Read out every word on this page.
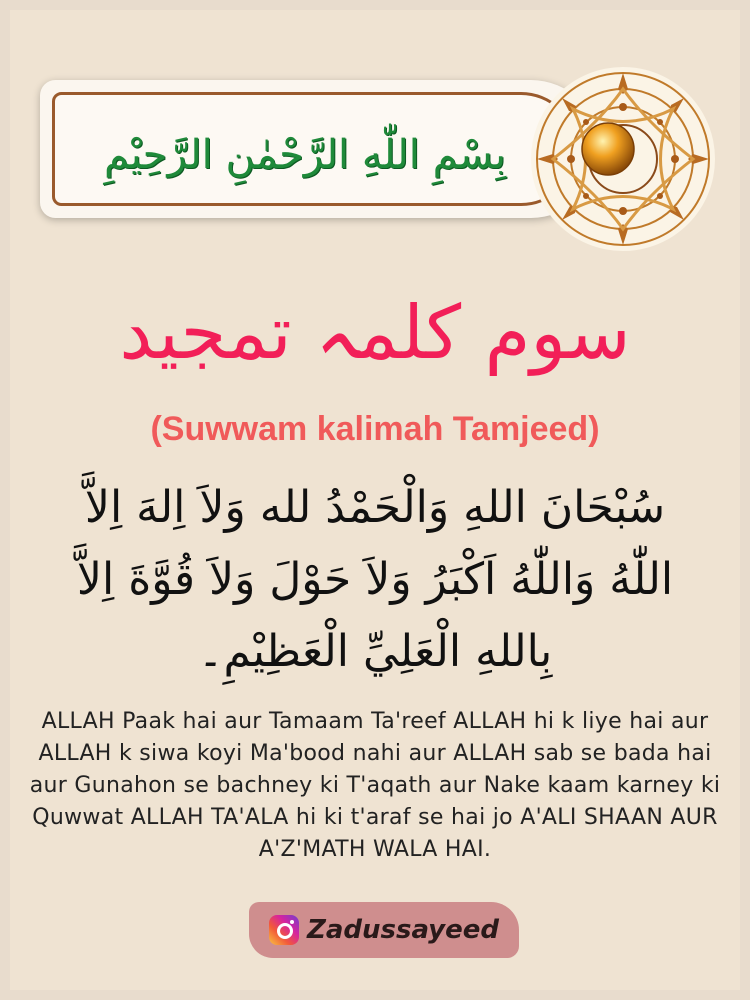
بِسْمِ اللّٰهِ الرَّحْمٰنِ الرَّحِيْمِ
سوم کلمہ تمجید
(Suwwam kalimah Tamjeed)
سُبْحَانَ اللهِ وَالْحَمْدُ لله وَلاَ اِلهَ اِلاَّ اللّٰهُ وَاللّٰهُ اَكْبَرُ وَلاَ حَوْلَ وَلاَ قُوَّةَ اِلاَّ بِاللهِ الْعَلِيِّ الْعَظِيْمِ۔
ALLAH Paak hai aur Tamaam Ta'reef ALLAH hi k liye hai aur ALLAH k siwa koyi Ma'bood nahi aur ALLAH sab se bada hai aur Gunahon se bachney ki T'aqath aur Nake kaam karney ki Quwwat ALLAH TA'ALA hi ki t'araf se hai jo A'ALI SHAAN AUR A'Z'MATH WALA HAI.
Zadussayeed
